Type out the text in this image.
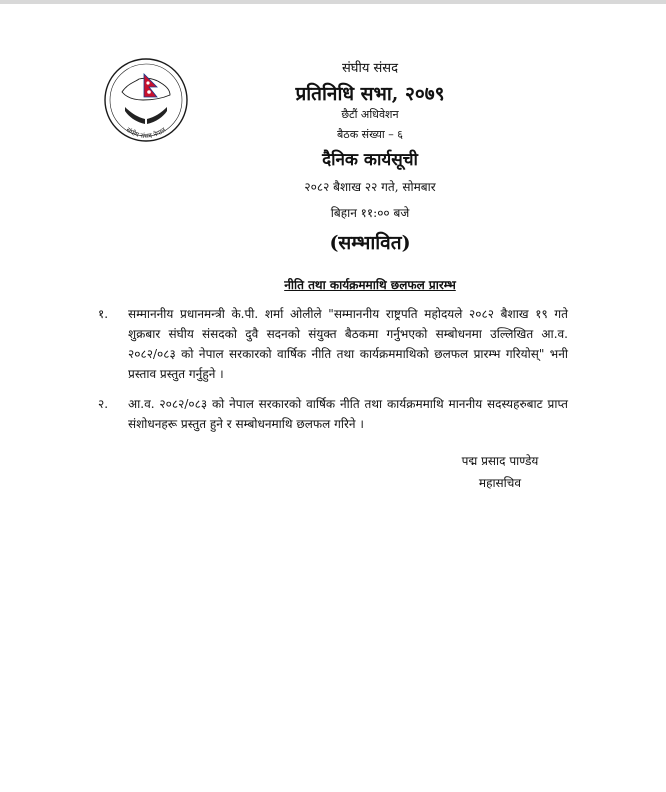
संघीय संसद नेपाल
संघीय संसद
प्रतिनिधि सभा, २०७९
छैटौं अधिवेशन
बैठक संख्या – ६
दैनिक कार्यसूची
२०८२ बैशाख २२ गते, सोमबार
बिहान ११:०० बजे
(सम्भावित)
नीति तथा कार्यक्रममाथि छलफल प्रारम्भ
१. सम्माननीय प्रधानमन्त्री के.पी. शर्मा ओलीले "सम्माननीय राष्ट्रपति महोदयले २०८२ बैशाख १९ गते शुक्रबार संघीय संसदको दुवै सदनको संयुक्त बैठकमा गर्नुभएको सम्बोधनमा उल्लिखित आ.व. २०८२/०८३ को नेपाल सरकारको वार्षिक नीति तथा कार्यक्रममाथिको छलफल प्रारम्भ गरियोस्" भनी प्रस्ताव प्रस्तुत गर्नुहुने ।
२. आ.व. २०८२/०८३ को नेपाल सरकारको वार्षिक नीति तथा कार्यक्रममाथि माननीय सदस्यहरुबाट प्राप्त संशोधनहरू प्रस्तुत हुने र सम्बोधनमाथि छलफल गरिने ।
पद्म प्रसाद पाण्डेय
महासचिव
